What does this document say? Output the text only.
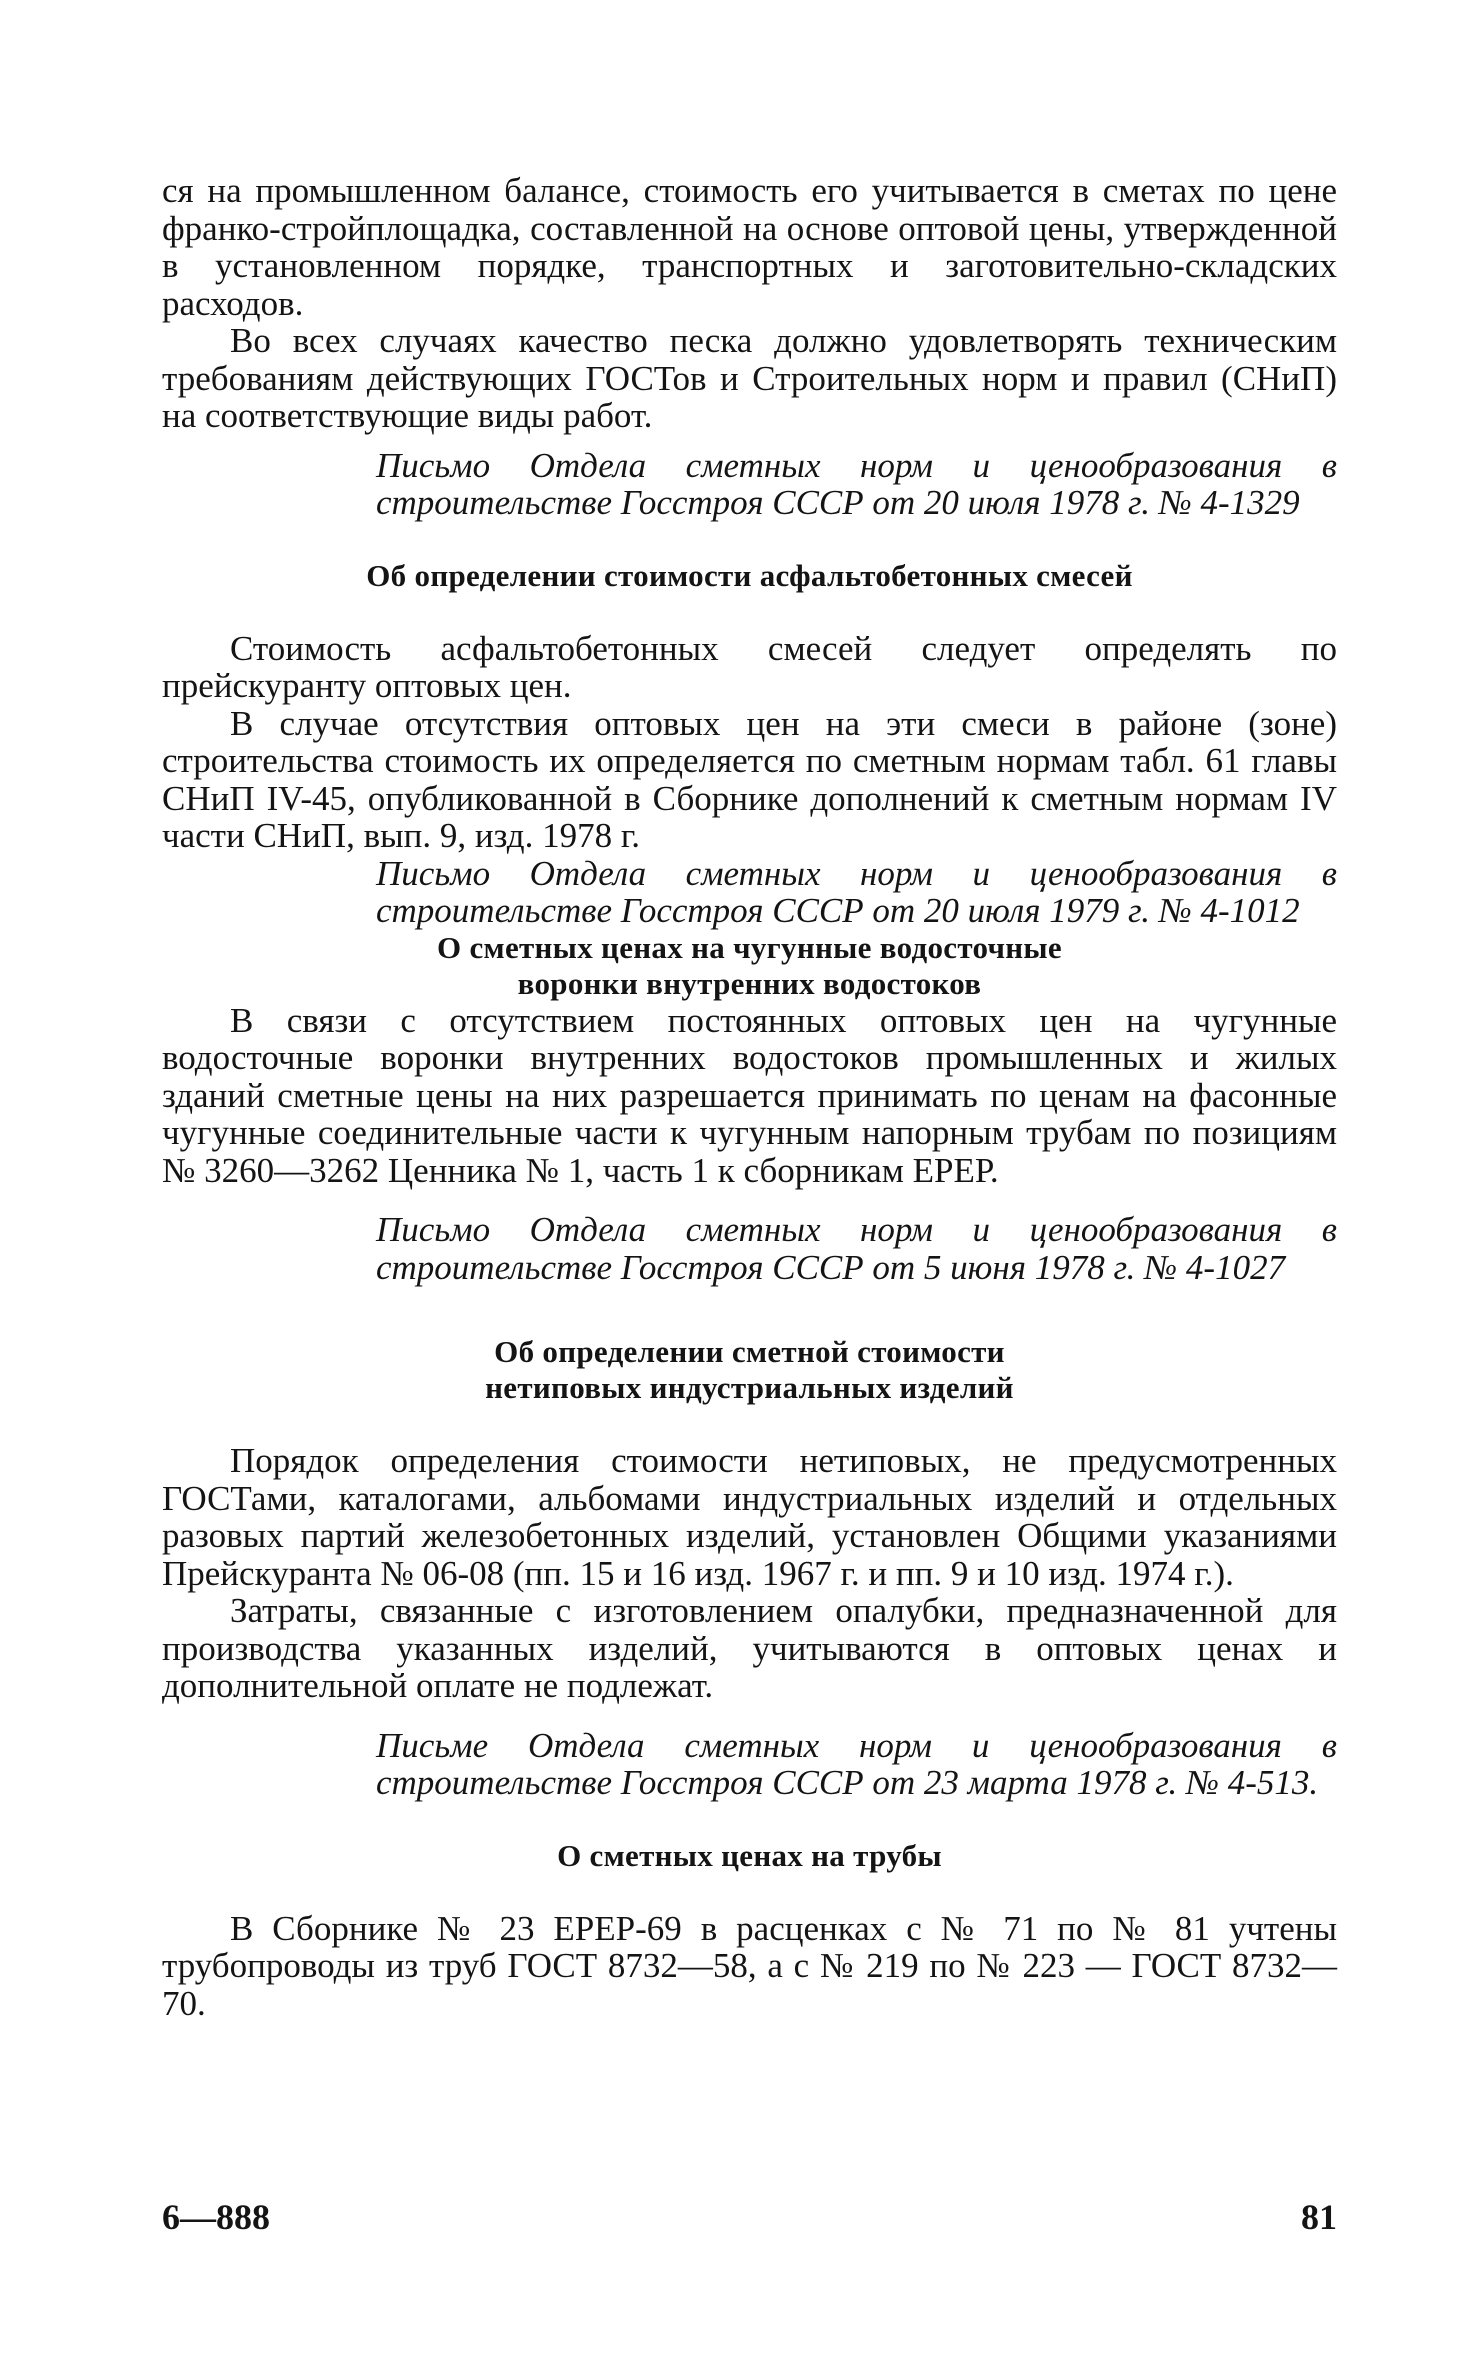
ся на промышленном балансе, стоимость его учитывается в сметах по цене франко-стройплощадка, составленной на основе оптовой цены, утвержденной в установленном порядке, транспортных и заготовительно-складских расходов.

Во всех случаях качество песка должно удовлетворять техническим требованиям действующих ГОСТов и Строительных норм и правил (СНиП) на соответствующие виды работ.

Письмо Отдела сметных норм и ценообразования в строительстве Госстроя СССР от 20 июля 1978 г. № 4-1329

Об определении стоимости асфальтобетонных смесей

Стоимость асфальтобетонных смесей следует определять по прейскуранту оптовых цен.

В случае отсутствия оптовых цен на эти смеси в районе (зоне) строительства стоимость их определяется по сметным нормам табл. 61 главы СНиП IV-45, опубликованной в Сборнике дополнений к сметным нормам IV части СНиП, вып. 9, изд. 1978 г.

Письмо Отдела сметных норм и ценообразования в строительстве Госстроя СССР от 20 июля 1979 г. № 4-1012

О сметных ценах на чугунные водосточные
воронки внутренних водостоков

В связи с отсутствием постоянных оптовых цен на чугунные водосточные воронки внутренних водостоков промышленных и жилых зданий сметные цены на них разрешается принимать по ценам на фасонные чугунные соединительные части к чугунным напорным трубам по позициям № 3260—3262 Ценника № 1, часть 1 к сборникам ЕРЕР.

Письмо Отдела сметных норм и ценообразования в строительстве Госстроя СССР от 5 июня 1978 г. № 4-1027

Об определении сметной стоимости
нетиповых индустриальных изделий

Порядок определения стоимости нетиповых, не предусмотренных ГОСТами, каталогами, альбомами индустриальных изделий и отдельных разовых партий железобетонных изделий, установлен Общими указаниями Прейскуранта № 06-08 (пп. 15 и 16 изд. 1967 г. и пп. 9 и 10 изд. 1974 г.).

Затраты, связанные с изготовлением опалубки, предназначенной для производства указанных изделий, учитываются в оптовых ценах и дополнительной оплате не подлежат.

Письме Отдела сметных норм и ценообразования в строительстве Госстроя СССР от 23 марта 1978 г. № 4-513.

О сметных ценах на трубы

В Сборнике № 23 ЕРЕР-69 в расценках с № 71 по № 81 учтены трубопроводы из труб ГОСТ 8732—58, а с № 219 по № 223 — ГОСТ 8732—70.

6—888	81
